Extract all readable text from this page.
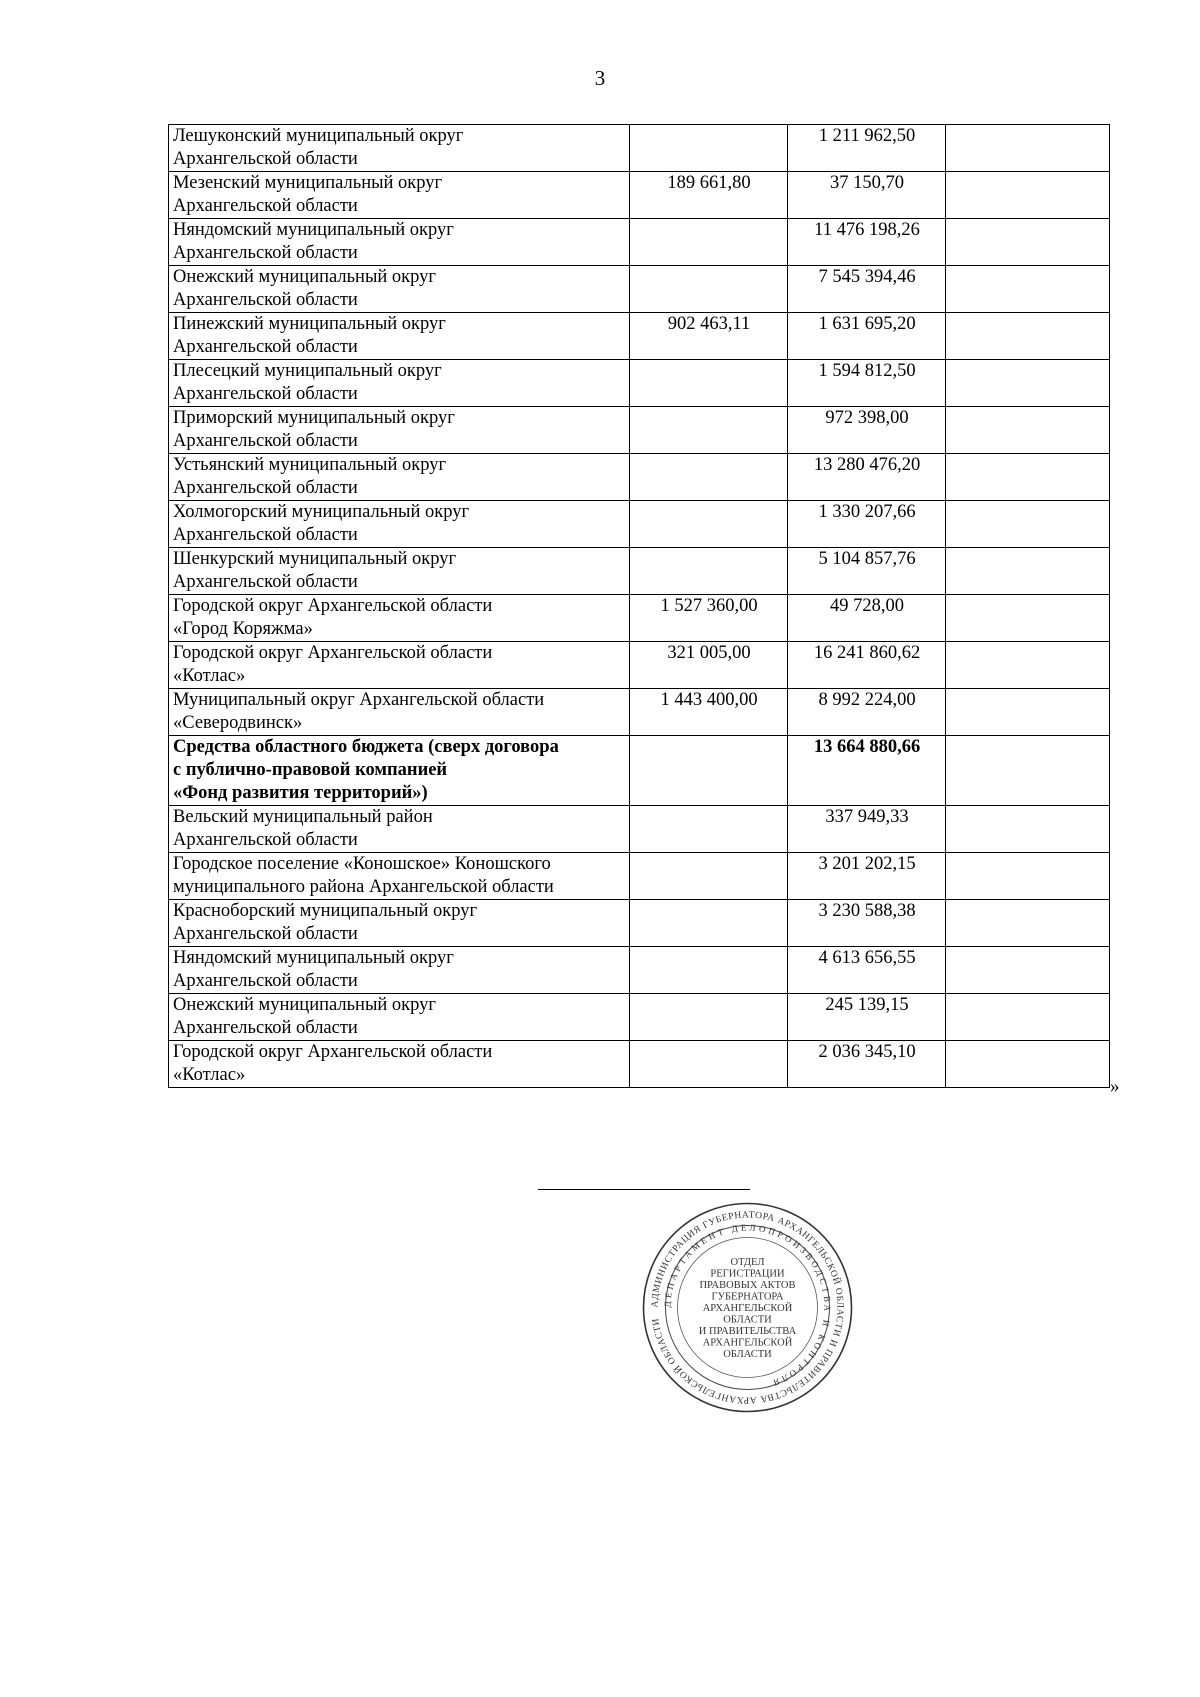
3
Лешуконский муниципальный округ
Архангельской области		1 211 962,50	

Мезенский муниципальный округ
Архангельской области	189 661,80	37 150,70	

Няндомский муниципальный округ
Архангельской области		11 476 198,26	

Онежский муниципальный округ
Архангельской области		7 545 394,46	

Пинежский муниципальный округ
Архангельской области	902 463,11	1 631 695,20	

Плесецкий муниципальный округ
Архангельской области		1 594 812,50	

Приморский муниципальный округ
Архангельской области		972 398,00	

Устьянский муниципальный округ
Архангельской области		13 280 476,20	

Холмогорский муниципальный округ
Архангельской области		1 330 207,66	

Шенкурский муниципальный округ
Архангельской области		5 104 857,76	

Городской округ Архангельской области
«Город Коряжма»	1 527 360,00	49 728,00	

Городской округ Архангельской области
«Котлас»	321 005,00	16 241 860,62	

Муниципальный округ Архангельской области
«Северодвинск»	1 443 400,00	8 992 224,00	

Средства областного бюджета (сверх договора
с публично-правовой компанией
«Фонд развития территорий»)		13 664 880,66	

Вельский муниципальный район
Архангельской области		337 949,33	

Городское поселение «Коношское» Коношского
муниципального района Архангельской области		3 201 202,15	

Красноборский муниципальный округ
Архангельской области		3 230 588,38	

Няндомский муниципальный округ
Архангельской области		4 613 656,55	

Онежский муниципальный округ
Архангельской области		245 139,15	

Городской округ Архангельской области
«Котлас»		2 036 345,10	
»
АДМИНИСТРАЦИЯ ГУБЕРНАТОРА АРХАНГЕЛЬСКОЙ ОБЛАСТИ И ПРАВИТЕЛЬСТВА АРХАНГЕЛЬСКОЙ ОБЛАСТИ
ДЕПАРТАМЕНТ ДЕЛОПРОИЗВОДСТВА И КОНТРОЛЯ
ОТДЕЛ
РЕГИСТРАЦИИ
ПРАВОВЫХ АКТОВ
ГУБЕРНАТОРА
АРХАНГЕЛЬСКОЙ
ОБЛАСТИ
И ПРАВИТЕЛЬСТВА
АРХАНГЕЛЬСКОЙ
ОБЛАСТИ
